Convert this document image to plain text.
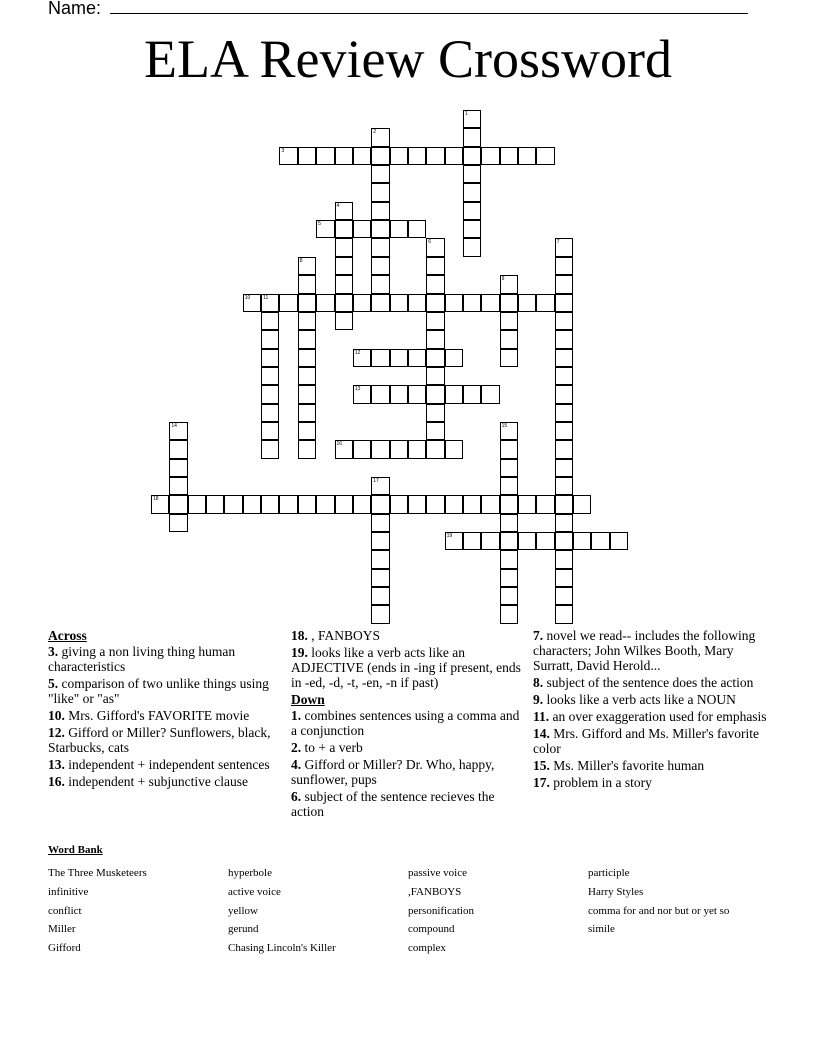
Name:
ELA Review Crossword
1
2
3
4
5
6	7
8
9
10	11
12
13
14	15
16
17
18
19
Across
3. giving a non living thing human characteristics
5. comparison of two unlike things using "like" or "as"
10. Mrs. Gifford's FAVORITE movie
12. Gifford or Miller? Sunflowers, black, Starbucks, cats
13. independent + independent sentences
16. independent + subjunctive clause
18. , FANBOYS
19. looks like a verb acts like an ADJECTIVE (ends in -ing if present, ends in -ed, -d, -t, -en, -n if past)
Down
1. combines sentences using a comma and a conjunction
2. to + a verb
4. Gifford or Miller? Dr. Who, happy, sunflower, pups
6. subject of the sentence recieves the action
7. novel we read-- includes the following characters; John Wilkes Booth, Mary Surratt, David Herold...
8. subject of the sentence does the action
9. looks like a verb acts like a NOUN
11. an over exaggeration used for emphasis
14. Mrs. Gifford and Ms. Miller's favorite color
15. Ms. Miller's favorite human
17. problem in a story
Word Bank
The Three Musketeers
infinitive
conflict
Miller
Gifford
hyperbole
active voice
yellow
gerund
Chasing Lincoln's Killer
passive voice
,FANBOYS
personification
compound
complex
participle
Harry Styles
comma for and nor but or yet so
simile
